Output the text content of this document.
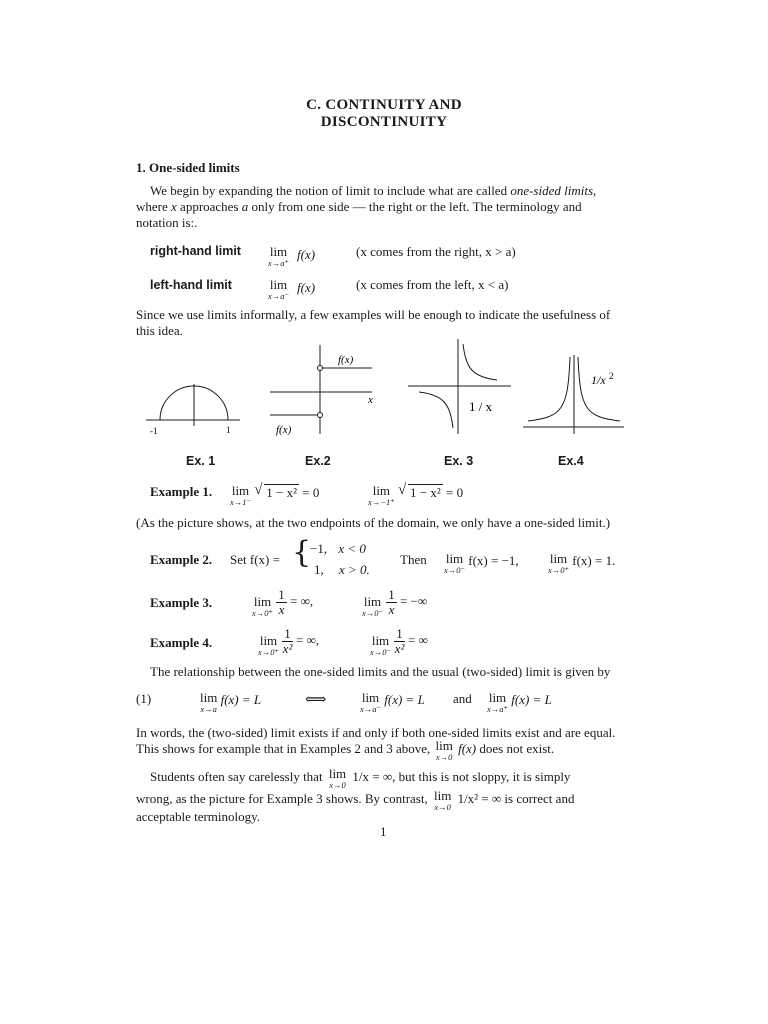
C. CONTINUITY AND
DISCONTINUITY
1. One-sided limits
We begin by expanding the notion of limit to include what are called one-sided limits,
where x approaches a only from one side — the right or the left. The terminology and
notation is:.
right-hand limit lim
x→a⁺
f(x)	(x comes from the right, x > a)
left-hand limit	lim
x→a⁻
f(x)	(x comes from the left, x < a)
Since we use limits informally, a few examples will be enough to indicate the usefulness of
this idea.
-1	1
f(x)
f(x)
x	1 / x
1/x 2
Ex. 1	Ex.2	Ex. 3	Ex.4
Example 1. lim
x→1⁻

√ 1 − x² = 0	lim
x→−1⁺

√ 1 − x² = 0
(As the picture shows, at the two endpoints of the domain, we only have a one-sided limit.)
Example 2. Set f(x) = {
−1, x < 0
1, x > 0.
Then lim
x→0⁻
f(x) = −1, lim
x→0⁺
f(x) = 1.
Example 3.	lim
x→0⁺
$\frac{1}{x}$ = ∞,	lim
x→0⁻
$\frac{1}{x}$ = −∞
Example 4.	lim
x→0⁺
$\frac{1}{\text{x²}}$ = ∞,	lim
x→0⁻
$\frac{1}{\text{x²}}$ = ∞
The relationship between the one-sided limits and the usual (two-sided) limit is given by
(1)	lim
x→a
f(x) = L	⟺	lim
x→a⁻
f(x) = L and lim
x→a⁺
f(x) = L
In words, the (two-sided) limit exists if and only if both one-sided limits exist and are equal.
This shows for example that in Examples 2 and 3 above, lim
x→0
f(x) does not exist.
Students often say carelessly that lim
x→0
1/x = ∞, but this is not sloppy, it is simply
wrong, as the picture for Example 3 shows. By contrast, lim
x→0
1/x² = ∞ is correct and
acceptable terminology.
1
